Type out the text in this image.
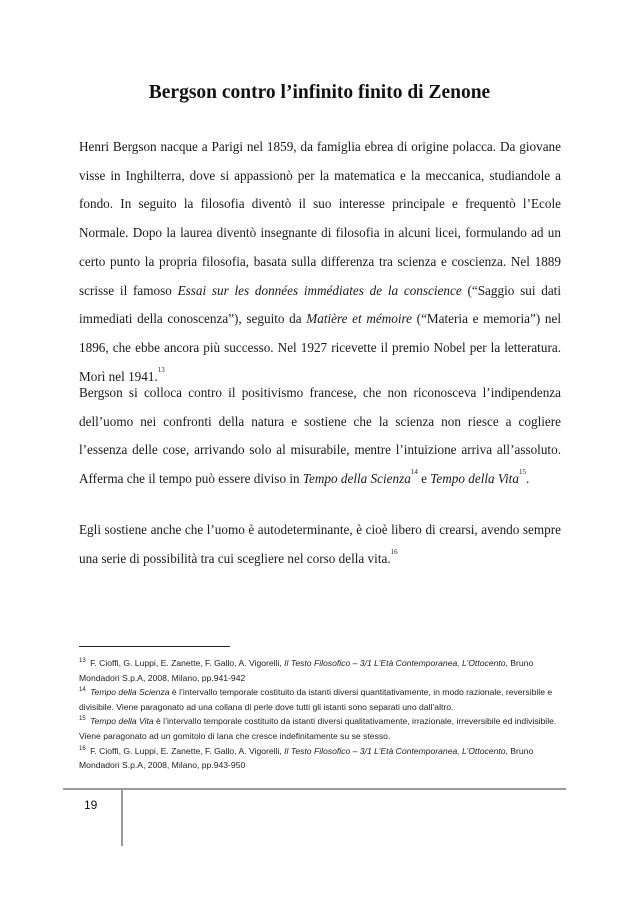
Bergson contro l’infinito finito di Zenone

Henri Bergson nacque a Parigi nel 1859, da famiglia ebrea di origine polacca. Da giovane visse in Inghilterra, dove si appassionò per la matematica e la meccanica, studiandole a fondo. In seguito la filosofia diventò il suo interesse principale e frequentò l’Ecole Normale. Dopo la laurea diventò insegnante di filosofia in alcuni licei, formulando ad un certo punto la propria filosofia, basata sulla differenza tra scienza e coscienza. Nel 1889 scrisse il famoso Essai sur les données immédiates de la conscience (“Saggio sui dati immediati della conoscenza”), seguito da Matière et mémoire (“Materia e memoria”) nel 1896, che ebbe ancora più successo. Nel 1927 ricevette il premio Nobel per la letteratura. Morì nel 1941.13

Bergson si colloca contro il positivismo francese, che non riconosceva l’indipendenza dell’uomo nei confronti della natura e sostiene che la scienza non riesce a cogliere l’essenza delle cose, arrivando solo al misurabile, mentre l’intuizione arriva all’assoluto. Afferma che il tempo può essere diviso in Tempo della Scienza$^{14}$ e Tempo della Vita$^{15}$.

Egli sostiene anche che l’uomo è autodeterminante, è cioè libero di crearsi, avendo sempre una serie di possibilità tra cui scegliere nel corso della vita.$^{16}$

$^{13}$ F. Cioffi, G. Luppi, E. Zanette, F. Gallo, A. Vigorelli, Il Testo Filosofico – 3/1 L’Età Contemporanea, L’Ottocento, Bruno Mondadori S.p.A, 2008, Milano, pp.941-942

$^{14}$ Tempo della Scienza è l’intervallo temporale costituito da istanti diversi quantitativamente, in modo razionale, reversibile e divisibile. Viene paragonato ad una collana di perle dove tutti gli istanti sono separati uno dall’altro.

$^{15}$ Tempo della Vita è l’intervallo temporale costituito da istanti diversi qualitativamente, irrazionale, irreversibile ed indivisibile. Viene paragonato ad un gomitolo di lana che cresce indefinitamente su se stesso.

$^{16}$ F. Cioffi, G. Luppi, E. Zanette, F. Gallo, A. Vigorelli, Il Testo Filosofico – 3/1 L’Età Contemporanea, L’Ottocento, Bruno Mondadori S.p.A, 2008, Milano, pp.943-950

19
